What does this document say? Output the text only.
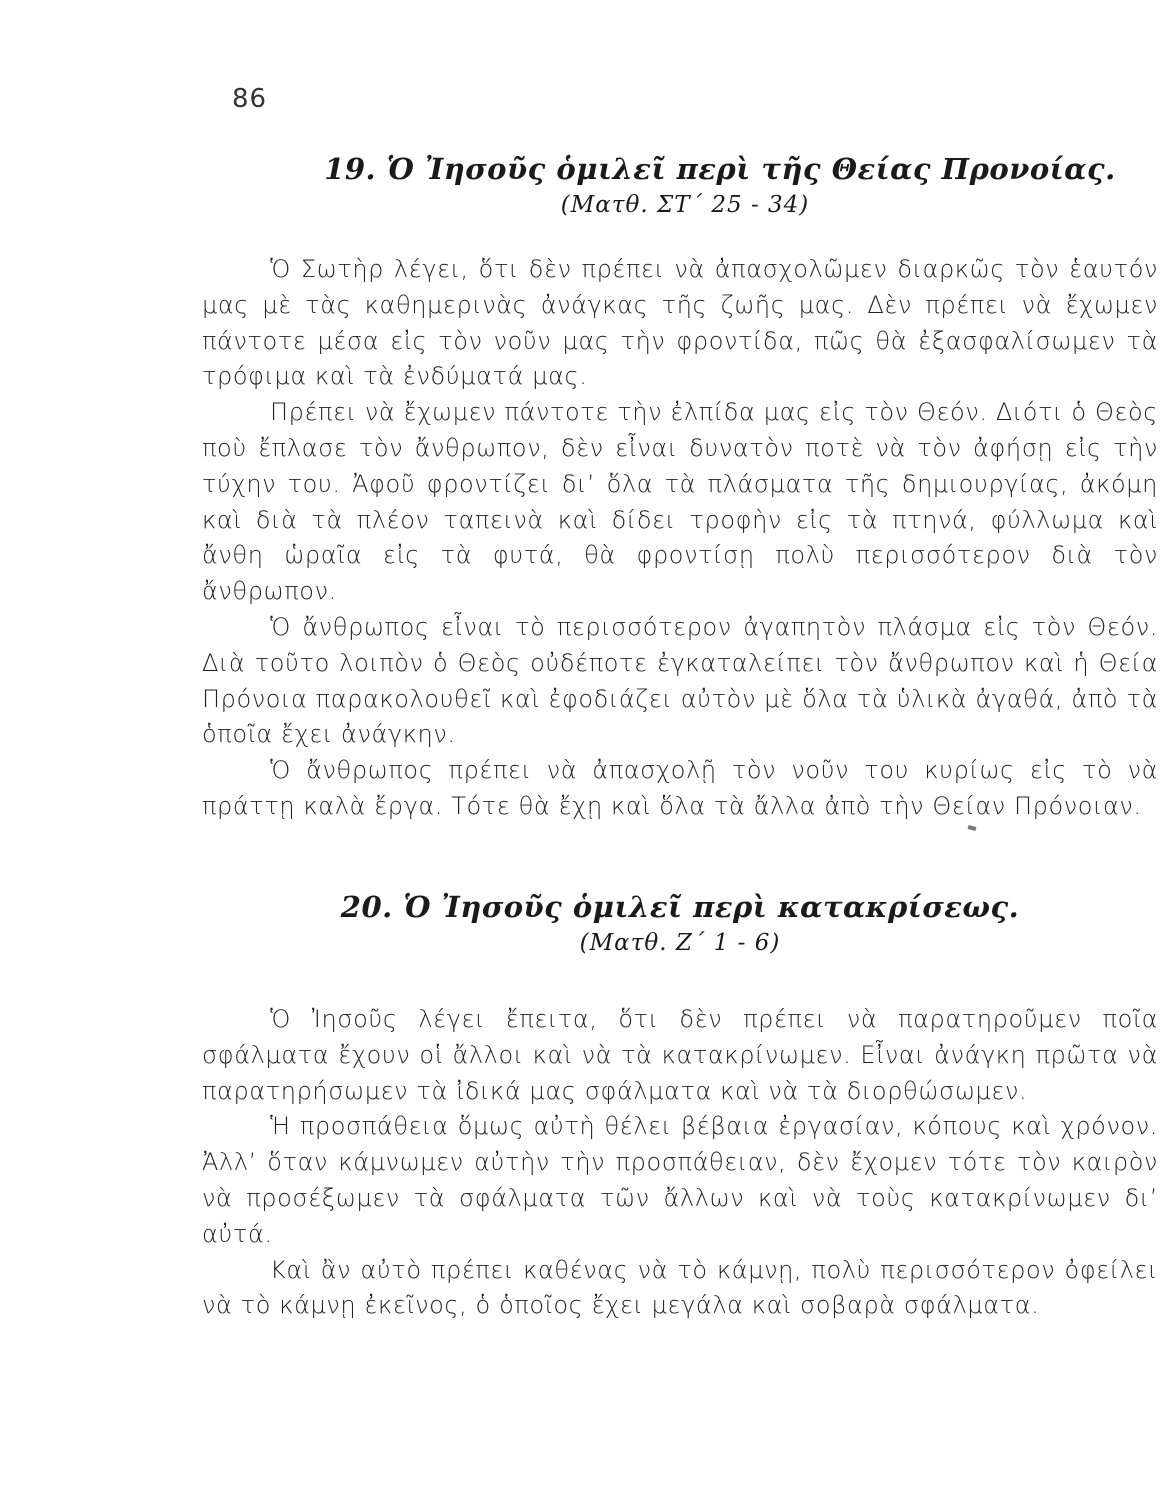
86
19. Ὁ Ἰησοῦς ὁμιλεῖ περὶ τῆς Θείας Προνοίας.
(Ματθ. ΣΤ΄ 25 - 34)

Ὁ Σωτὴρ λέγει, ὅτι δὲν πρέπει νὰ ἀπασχολῶμεν διαρκῶς τὸν ἑαυτόν μας μὲ τὰς καθημερινὰς ἀνάγκας τῆς ζωῆς μας. Δὲν πρέπει νὰ ἔχωμεν πάντοτε μέσα εἰς τὸν νοῦν μας τὴν φροντίδα, πῶς θὰ ἐξασφαλίσωμεν τὰ τρόφιμα καὶ τὰ ἐνδύματά μας.

Πρέπει νὰ ἔχωμεν πάντοτε τὴν ἐλπίδα μας εἰς τὸν Θεόν. Διότι ὁ Θεὸς ποὺ ἔπλασε τὸν ἄνθρωπον, δὲν εἶναι δυνατὸν ποτὲ νὰ τὸν ἀφήσῃ εἰς τὴν τύχην του. Ἀφοῦ φροντίζει δι’ ὅλα τὰ πλάσματα τῆς δημιουργίας, ἀκόμη καὶ διὰ τὰ πλέον ταπεινὰ καὶ δίδει τροφὴν εἰς τὰ πτηνά, φύλλωμα καὶ ἄνθη ὡραῖα εἰς τὰ φυτά, θὰ φροντίσῃ πολὺ περισσότερον διὰ τὸν ἄνθρωπον.

Ὁ ἄνθρωπος εἶναι τὸ περισσότερον ἀγαπητὸν πλάσμα εἰς τὸν Θεόν. Διὰ τοῦτο λοιπὸν ὁ Θεὸς οὐδέποτε ἐγκαταλείπει τὸν ἄνθρωπον καὶ ἡ Θεία Πρόνοια παρακολουθεῖ καὶ ἐφοδιάζει αὐτὸν μὲ ὅλα τὰ ὑλικὰ ἀγαθά, ἀπὸ τὰ ὁποῖα ἔχει ἀνάγκην.

Ὁ ἄνθρωπος πρέπει νὰ ἀπασχολῇ τὸν νοῦν του κυρίως εἰς τὸ νὰ πράττῃ καλὰ ἔργα. Τότε θὰ ἔχῃ καὶ ὅλα τὰ ἄλλα ἀπὸ τὴν Θείαν Πρόνοιαν.

20. Ὁ Ἰησοῦς ὁμιλεῖ περὶ κατακρίσεως.
(Ματθ. Ζ΄ 1 - 6)

Ὁ Ἰησοῦς λέγει ἔπειτα, ὅτι δὲν πρέπει νὰ παρατηροῦμεν ποῖα σφάλματα ἔχουν οἱ ἄλλοι καὶ νὰ τὰ κατακρίνωμεν. Εἶναι ἀνάγκη πρῶτα νὰ παρατηρήσωμεν τὰ ἰδικά μας σφάλματα καὶ νὰ τὰ διορθώσωμεν.

Ἡ προσπάθεια ὅμως αὐτὴ θέλει βέβαια ἐργασίαν, κόπους καὶ χρόνον. Ἀλλ’ ὅταν κάμνωμεν αὐτὴν τὴν προσπάθειαν, δὲν ἔχομεν τότε τὸν καιρὸν νὰ προσέξωμεν τὰ σφάλματα τῶν ἄλλων καὶ νὰ τοὺς κατακρίνωμεν δι’ αὐτά.

Καὶ ἂν αὐτὸ πρέπει καθένας νὰ τὸ κάμνῃ, πολὺ περισσότερον ὀφείλει νὰ τὸ κάμνῃ ἐκεῖνος, ὁ ὁποῖος ἔχει μεγάλα καὶ σοβαρὰ σφάλματα.
